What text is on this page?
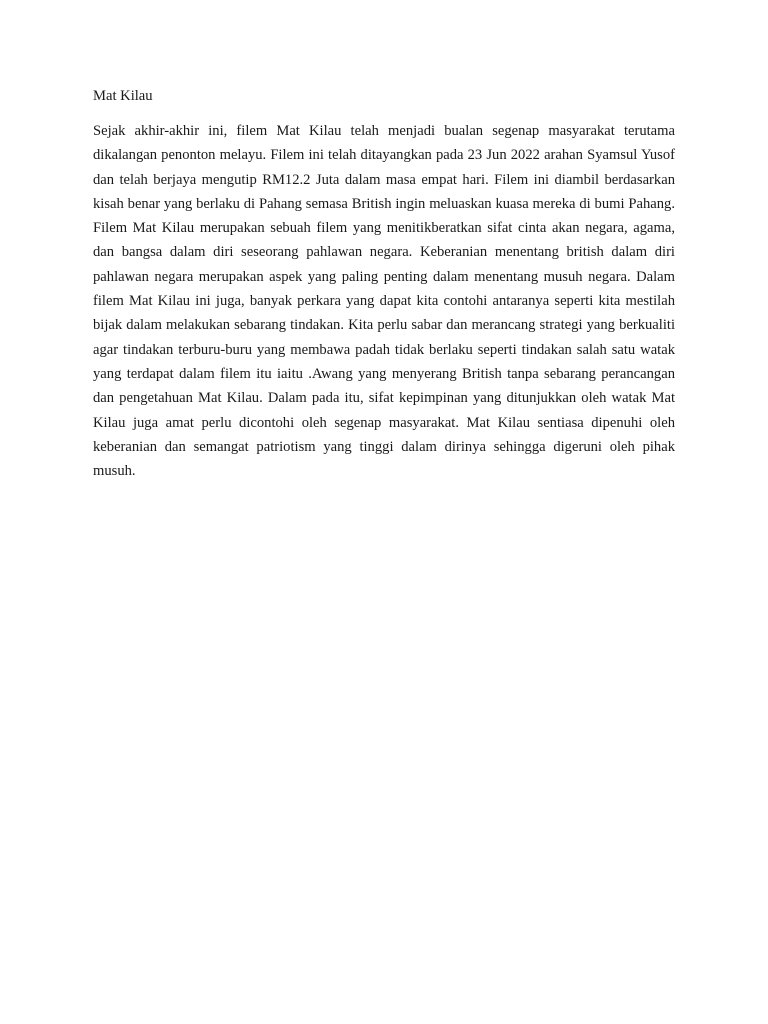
Mat Kilau

Sejak akhir-akhir ini, filem Mat Kilau telah menjadi bualan segenap masyarakat terutama dikalangan penonton melayu. Filem ini telah ditayangkan pada 23 Jun 2022 arahan Syamsul Yusof dan telah berjaya mengutip RM12.2 Juta dalam masa empat hari. Filem ini diambil berdasarkan kisah benar yang berlaku di Pahang semasa British ingin meluaskan kuasa mereka di bumi Pahang. Filem Mat Kilau merupakan sebuah filem yang menitikberatkan sifat cinta akan negara, agama, dan bangsa dalam diri seseorang pahlawan negara. Keberanian menentang british dalam diri pahlawan negara merupakan aspek yang paling penting dalam menentang musuh negara. Dalam filem Mat Kilau ini juga, banyak perkara yang dapat kita contohi antaranya seperti kita mestilah bijak dalam melakukan sebarang tindakan. Kita perlu sabar dan merancang strategi yang berkualiti agar tindakan terburu-buru yang membawa padah tidak berlaku seperti tindakan salah satu watak yang terdapat dalam filem itu iaitu .Awang yang menyerang British tanpa sebarang perancangan dan pengetahuan Mat Kilau. Dalam pada itu, sifat kepimpinan yang ditunjukkan oleh watak Mat Kilau juga amat perlu dicontohi oleh segenap masyarakat. Mat Kilau sentiasa dipenuhi oleh keberanian dan semangat patriotism yang tinggi dalam dirinya sehingga digeruni oleh pihak musuh.
